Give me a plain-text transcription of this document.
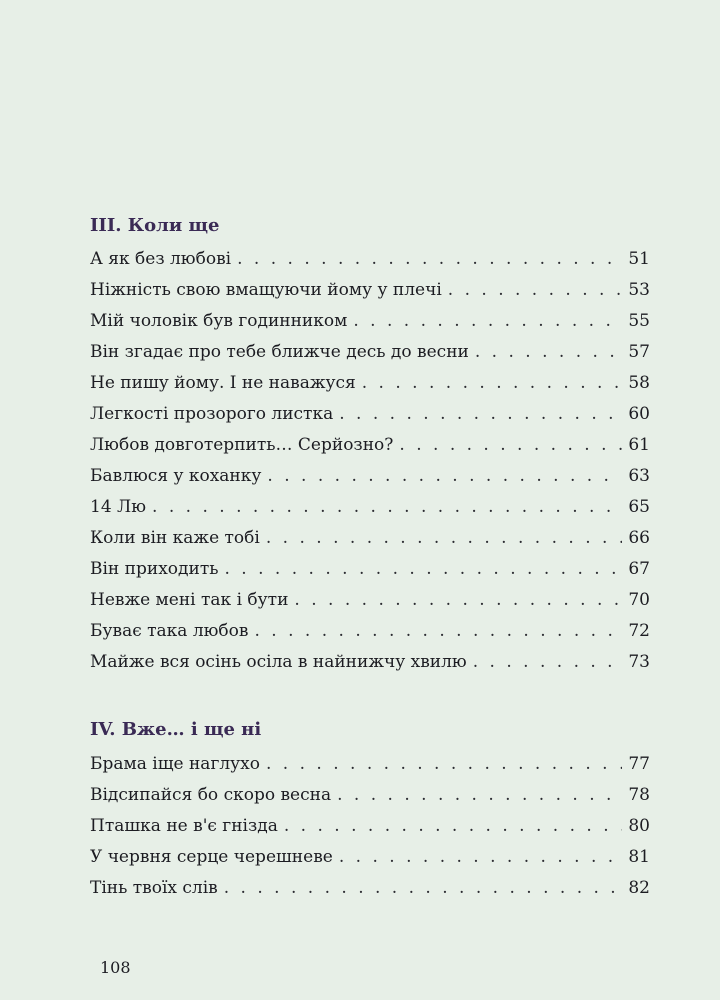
III. Коли ще
А як без любові . . .	51
Ніжність свою вмащуючи йому у плечі . . .	53
Мій чоловік був годинником . . .	55
Він згадає про тебе ближче десь до весни . . .	57
Не пишу йому. І не наважуся . . .	58
Легкості прозорого листка . . .	60
Любов довготерпить… Серйозно? . . .	61
Бавлюся у коханку . . .	63
14 Лю . . .	65
Коли він каже тобі . . .	66
Він приходить . . .	67
Невже мені так і бути . . .	70
Буває така любов . . .	72
Майже вся осінь осіла в найнижчу хвилю . . .	73
IV. Вже… і ще ні
Брама іще наглухо . . .	77
Відсипайся бо скоро весна . . .	78
Пташка не в'є гнізда . . .	80
У червня серце черешневе . . .	81
Тінь твоїх слів . . .	82
108
